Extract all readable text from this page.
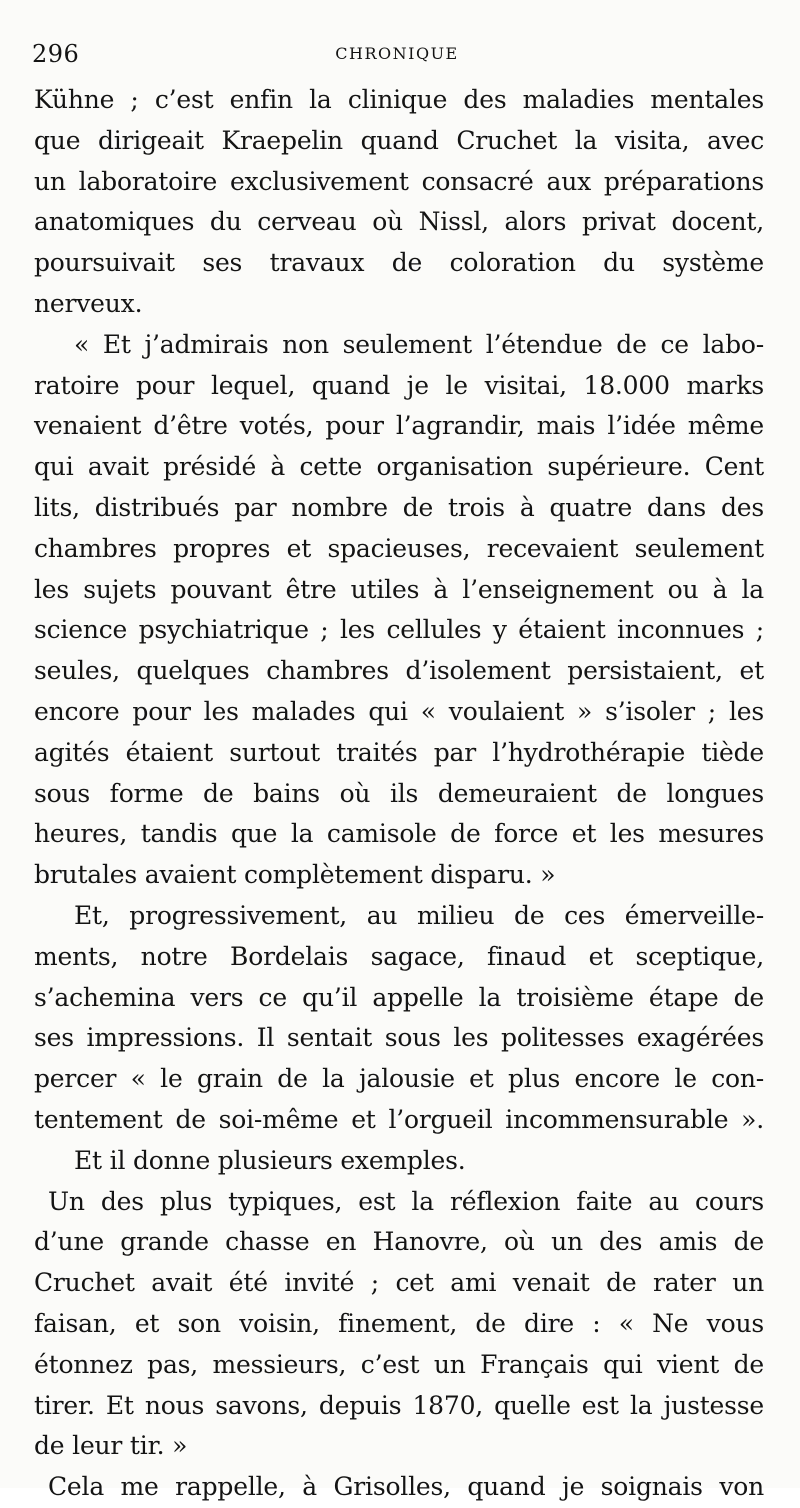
296	CHRONIQUE
Kühne ; c’est enfin la clinique des maladies mentales
que dirigeait Kraepelin quand Cruchet la visita, avec
un laboratoire exclusivement consacré aux préparations
anatomiques du cerveau où Nissl, alors privat docent,
poursuivait ses travaux de coloration du système
nerveux.
« Et j’admirais non seulement l’étendue de ce labo-
ratoire pour lequel, quand je le visitai, 18.000 marks
venaient d’être votés, pour l’agrandir, mais l’idée même
qui avait présidé à cette organisation supérieure. Cent
lits, distribués par nombre de trois à quatre dans des
chambres propres et spacieuses, recevaient seulement
les sujets pouvant être utiles à l’enseignement ou à la
science psychiatrique ; les cellules y étaient inconnues ;
seules, quelques chambres d’isolement persistaient, et
encore pour les malades qui « voulaient » s’isoler ; les
agités étaient surtout traités par l’hydrothérapie tiède
sous forme de bains où ils demeuraient de longues
heures, tandis que la camisole de force et les mesures
brutales avaient complètement disparu. »
Et, progressivement, au milieu de ces émerveille-
ments, notre Bordelais sagace, finaud et sceptique,
s’achemina vers ce qu’il appelle la troisième étape de
ses impressions. Il sentait sous les politesses exagérées
percer « le grain de la jalousie et plus encore le con-
tentement de soi-même et l’orgueil incommensurable ».
Et il donne plusieurs exemples.
Un des plus typiques, est la réflexion faite au cours
d’une grande chasse en Hanovre, où un des amis de
Cruchet avait été invité ; cet ami venait de rater un
faisan, et son voisin, finement, de dire : « Ne vous
étonnez pas, messieurs, c’est un Français qui vient de
tirer. Et nous savons, depuis 1870, quelle est la justesse
de leur tir. »
Cela me rappelle, à Grisolles, quand je soignais von
